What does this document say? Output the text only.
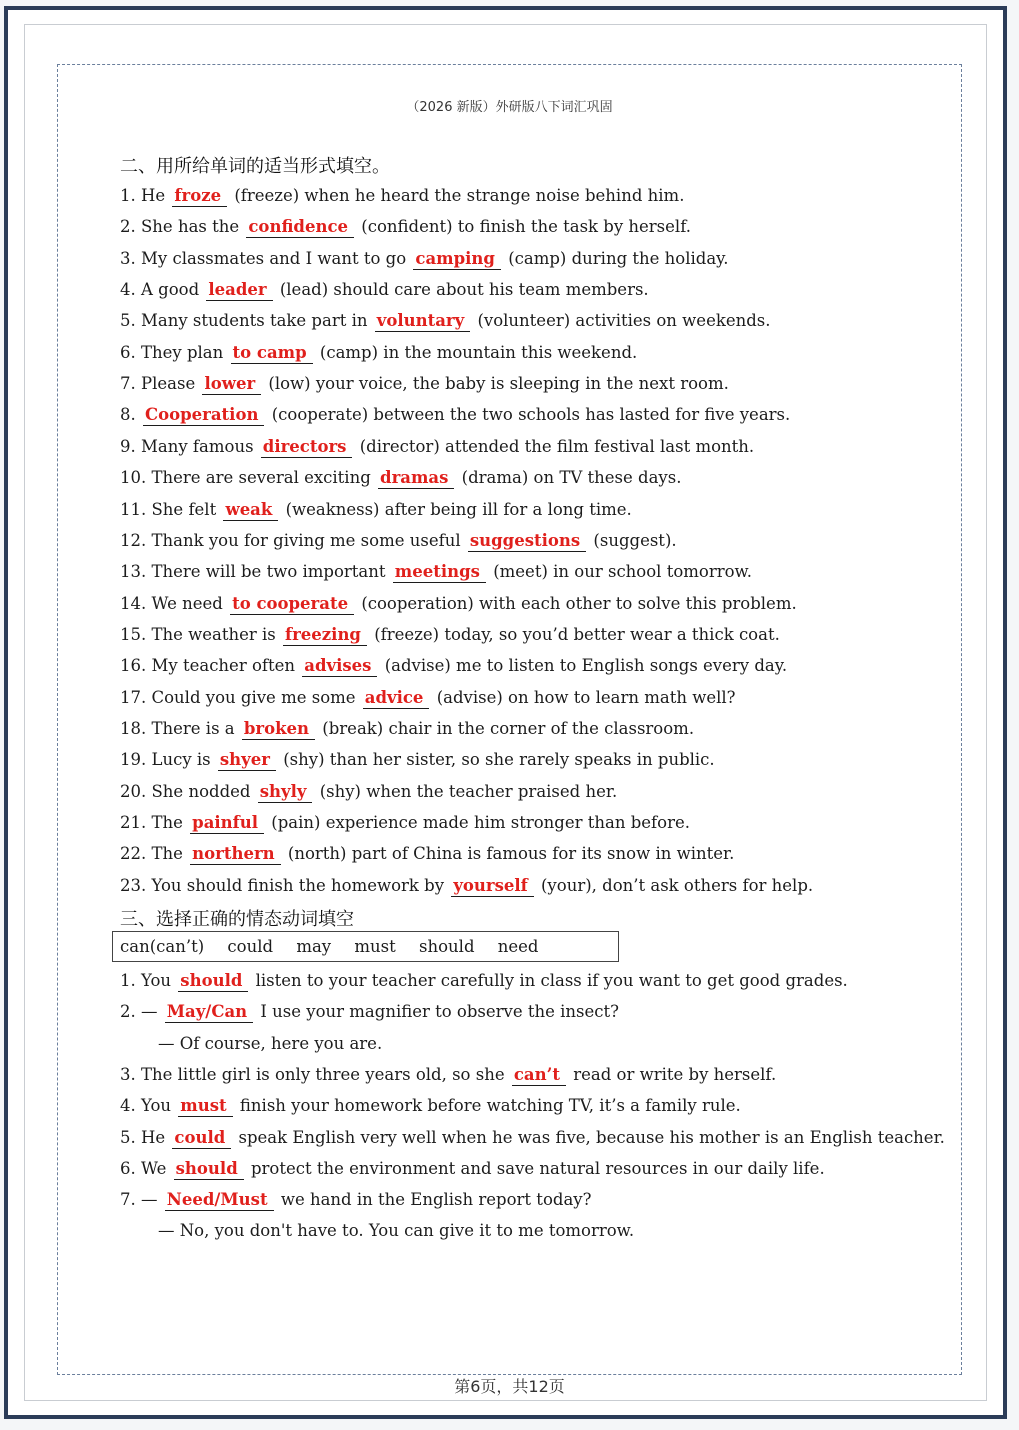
（2026 新版）外研版八下词汇巩固
二、用所给单词的适当形式填空。
1. He froze (freeze) when he heard the strange noise behind him.
2. She has the confidence (confident) to finish the task by herself.
3. My classmates and I want to go camping (camp) during the holiday.
4. A good leader (lead) should care about his team members.
5. Many students take part in voluntary (volunteer) activities on weekends.
6. They plan to camp (camp) in the mountain this weekend.
7. Please lower (low) your voice, the baby is sleeping in the next room.
8. Cooperation (cooperate) between the two schools has lasted for five years.
9. Many famous directors (director) attended the film festival last month.
10. There are several exciting dramas (drama) on TV these days.
11. She felt weak (weakness) after being ill for a long time.
12. Thank you for giving me some useful suggestions (suggest).
13. There will be two important meetings (meet) in our school tomorrow.
14. We need to cooperate (cooperation) with each other to solve this problem.
15. The weather is freezing (freeze) today, so you’d better wear a thick coat.
16. My teacher often advises (advise) me to listen to English songs every day.
17. Could you give me some advice (advise) on how to learn math well?
18. There is a broken (break) chair in the corner of the classroom.
19. Lucy is shyer (shy) than her sister, so she rarely speaks in public.
20. She nodded shyly (shy) when the teacher praised her.
21. The painful (pain) experience made him stronger than before.
22. The northern (north) part of China is famous for its snow in winter.
23. You should finish the homework by yourself (your), don’t ask others for help.
三、选择正确的情态动词填空
can(can’t) could may must should need
1. You should listen to your teacher carefully in class if you want to get good grades.
2. — May/Can I use your magnifier to observe the insect?
— Of course, here you are.
3. The little girl is only three years old, so she can’t read or write by herself.
4. You must finish your homework before watching TV, it’s a family rule.
5. He could speak English very well when he was five, because his mother is an English teacher.
6. We should protect the environment and save natural resources in our daily life.
7. — Need/Must we hand in the English report today?
— No, you don't have to. You can give it to me tomorrow.
第6页，共12页
